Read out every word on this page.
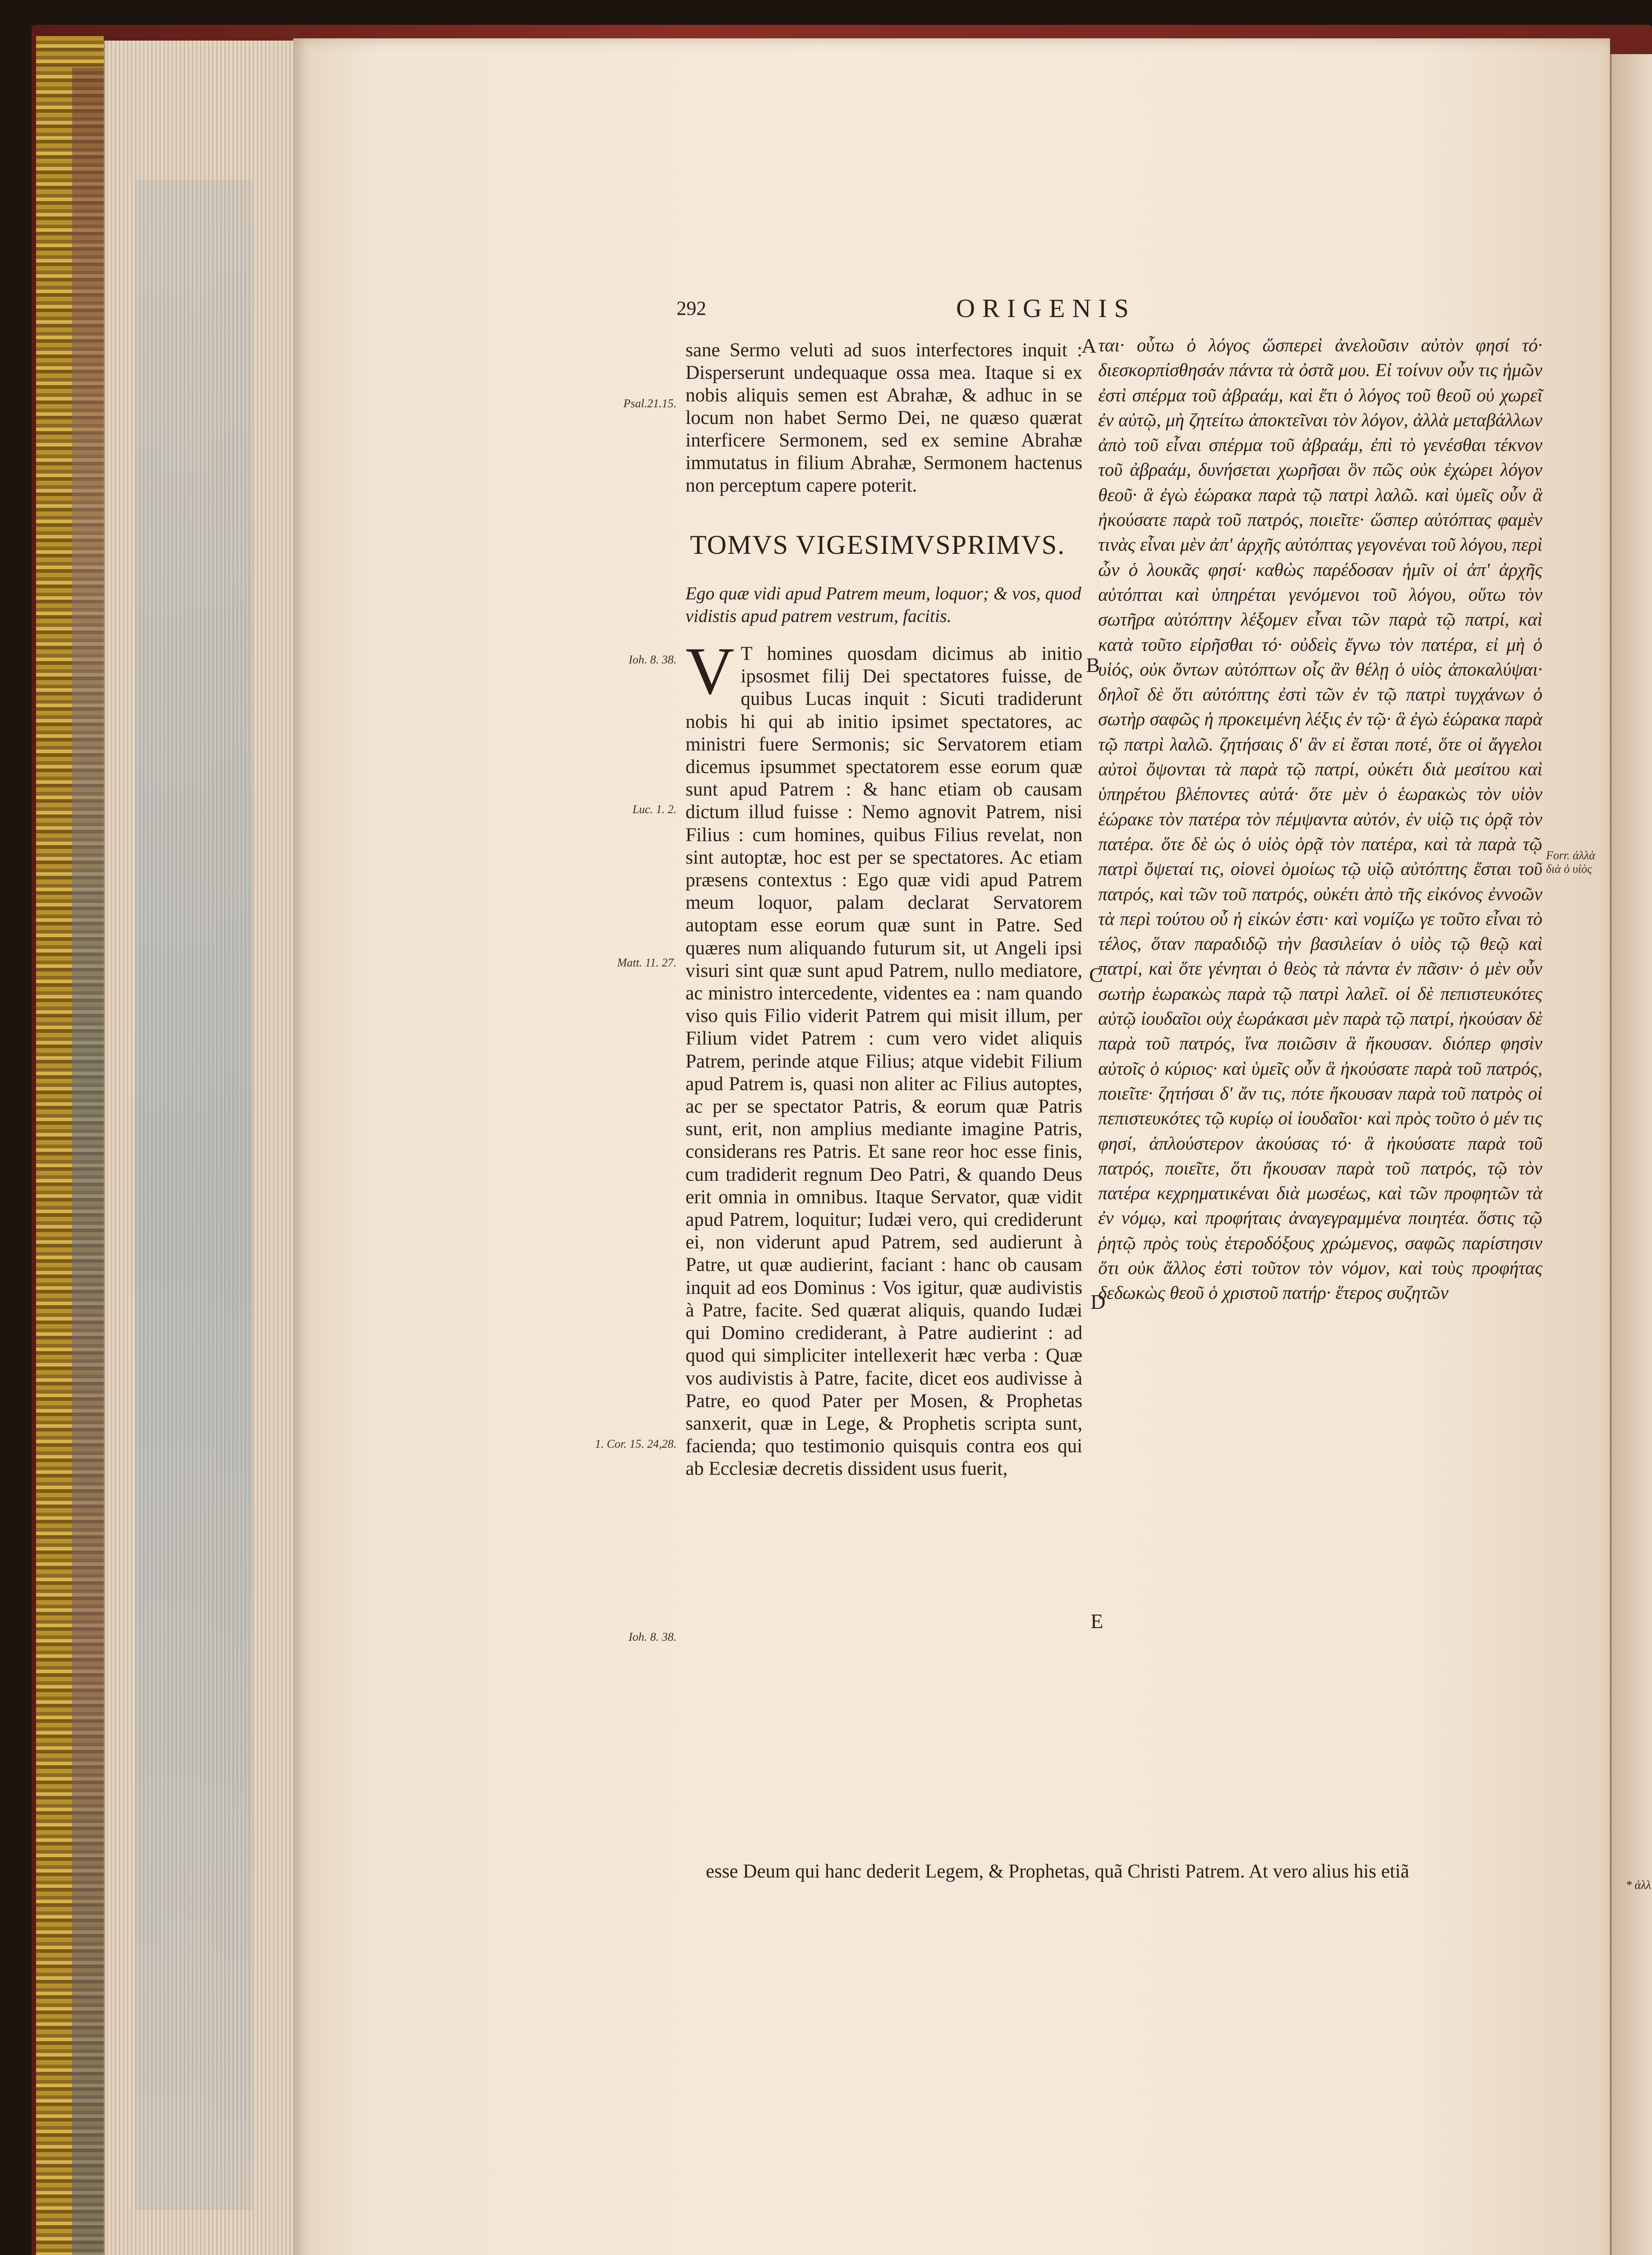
* ἀλλ
292	ORIGENIS

sane Sermo veluti ad suos interfectores inquit : Disperserunt undequaque ossa mea. Itaque si ex nobis aliquis semen est Abrahæ, & adhuc in se locum non habet Sermo Dei, ne quæso quærat interficere Sermonem, sed ex semine Abrahæ immutatus in filium Abrahæ, Sermonem hactenus non perceptum capere poterit.

TOMVS VIGESIMVSPRIMVS.

Ego quæ vidi apud Patrem meum, loquor; & vos, quod vidistis apud patrem vestrum, facitis.

V T homines quosdam dicimus ab initio ipsosmet filij Dei spectatores fuisse, de quibus Lucas inquit : Sicuti tradiderunt nobis hi qui ab initio ipsimet spectatores, ac ministri fuere Sermonis; sic Servatorem etiam dicemus ipsummet spectatorem esse eorum quæ sunt apud Patrem : & hanc etiam ob causam dictum illud fuisse : Nemo agnovit Patrem, nisi Filius : cum homines, quibus Filius revelat, non sint autoptæ, hoc est per se spectatores. Ac etiam præsens contextus : Ego quæ vidi apud Patrem meum loquor, palam declarat Servatorem autoptam esse eorum quæ sunt in Patre. Sed quæres num aliquando futurum sit, ut Angeli ipsi visuri sint quæ sunt apud Patrem, nullo mediatore, ac ministro intercedente, videntes ea : nam quando viso quis Filio viderit Patrem qui misit illum, per Filium videt Patrem : cum vero videt aliquis Patrem, perinde atque Filius; atque videbit Filium apud Patrem is, quasi non aliter ac Filius autoptes, ac per se spectator Patris, & eorum quæ Patris sunt, erit, non amplius mediante imagine Patris, considerans res Patris. Et sane reor hoc esse finis, cum tradiderit regnum Deo Patri, & quando Deus erit omnia in omnibus. Itaque Servator, quæ vidit apud Patrem, loquitur; Iudæi vero, qui crediderunt ei, non viderunt apud Patrem, sed audierunt à Patre, ut quæ audierint, faciant : hanc ob causam inquit ad eos Dominus : Vos igitur, quæ audivistis à Patre, facite. Sed quærat aliquis, quando Iudæi qui Domino crediderant, à Patre audierint : ad quod qui simpliciter intellexerit hæc verba : Quæ vos audivistis à Patre, facite, dicet eos audivisse à Patre, eo quod Pater per Mosen, & Prophetas sanxerit, quæ in Lege, & Prophetis scripta sunt, facienda; quo testimonio quisquis contra eos qui ab Ecclesiæ decretis dissident usus fuerit,

ται· οὗτω ὁ λόγος ὥσπερεὶ ἀνελοῦσιν αὐτὸν φησί τό· διεσκορπίσθησάν πάντα τὰ ὀστᾶ μου. Εἰ τοίνυν οὖν τις ἡμῶν ἐστὶ σπέρμα τοῦ ἀβραάμ, καὶ ἔτι ὁ λόγος τοῦ θεοῦ οὐ χωρεῖ ἐν αὐτῷ, μὴ ζητείτω ἀποκτεῖναι τὸν λόγον, ἀλλὰ μεταβάλλων ἀπὸ τοῦ εἶναι σπέρμα τοῦ ἀβραάμ, ἐπὶ τὸ γενέσθαι τέκνον τοῦ ἀβραάμ, δυνήσεται χωρῆσαι ὃν πῶς οὐκ ἐχώρει λόγον θεοῦ· ἃ ἐγὼ ἑώρακα παρὰ τῷ πατρὶ λαλῶ. καὶ ὑμεῖς οὖν ἃ ἠκούσατε παρὰ τοῦ πατρός, ποιεῖτε· ὥσπερ αὐτόπτας φαμὲν τινὰς εἶναι μὲν ἀπ' ἀρχῆς αὐτόπτας γεγονέναι τοῦ λόγου, περὶ ὧν ὁ λουκᾶς φησί· καθὼς παρέδοσαν ἡμῖν οἱ ἀπ' ἀρχῆς αὐτόπται καὶ ὑπηρέται γενόμενοι τοῦ λόγου, οὕτω τὸν σωτῆρα αὐτόπτην λέξομεν εἶναι τῶν παρὰ τῷ πατρί, καὶ κατὰ τοῦτο εἰρῆσθαι τό· οὐδεὶς ἔγνω τὸν πατέρα, εἰ μὴ ὁ υἱός, οὐκ ὄντων αὐτόπτων οἷς ἂν θέλῃ ὁ υἱὸς ἀποκαλύψαι· δηλοῖ δὲ ὅτι αὐτόπτης ἐστὶ τῶν ἐν τῷ πατρὶ τυγχάνων ὁ σωτὴρ σαφῶς ἡ προκειμένη λέξις ἐν τῷ· ἃ ἐγὼ ἑώρακα παρὰ τῷ πατρὶ λαλῶ. ζητήσαις δ' ἂν εἰ ἔσται ποτέ, ὅτε οἱ ἄγγελοι αὐτοὶ ὄψονται τὰ παρὰ τῷ πατρί, οὐκέτι διὰ μεσίτου καὶ ὑπηρέτου βλέποντες αὐτά· ὅτε μὲν ὁ ἑωρακὼς τὸν υἱὸν ἑώρακε τὸν πατέρα τὸν πέμψαντα αὐτόν, ἐν υἱῷ τις ὁρᾷ τὸν πατέρα. ὅτε δὲ ὡς ὁ υἱὸς ὁρᾷ τὸν πατέρα, καὶ τὰ παρὰ τῷ πατρὶ ὄψεταί τις, οἱονεὶ ὁμοίως τῷ υἱῷ αὐτόπτης ἔσται τοῦ πατρός, καὶ τῶν τοῦ πατρός, οὐκέτι ἀπὸ τῆς εἰκόνος ἐννοῶν τὰ περὶ τούτου οὗ ἡ εἰκών ἐστι· καὶ νομίζω γε τοῦτο εἶναι τὸ τέλος, ὅταν παραδιδῷ τὴν βασιλείαν ὁ υἱὸς τῷ θεῷ καὶ πατρί, καὶ ὅτε γένηται ὁ θεὸς τὰ πάντα ἐν πᾶσιν· ὁ μὲν οὖν σωτὴρ ἑωρακὼς παρὰ τῷ πατρὶ λαλεῖ. οἱ δὲ πεπιστευκότες αὐτῷ ἰουδαῖοι οὐχ ἑωράκασι μὲν παρὰ τῷ πατρί, ἠκούσαν δὲ παρὰ τοῦ πατρός, ἵνα ποιῶσιν ἃ ἤκουσαν. διόπερ φησὶν αὐτοῖς ὁ κύριος· καὶ ὑμεῖς οὖν ἃ ἠκούσατε παρὰ τοῦ πατρός, ποιεῖτε· ζητήσαι δ' ἄν τις, πότε ἤκουσαν παρὰ τοῦ πατρὸς οἱ πεπιστευκότες τῷ κυρίῳ οἱ ἰουδαῖοι· καὶ πρὸς τοῦτο ὁ μέν τις φησί, ἁπλούστερον ἀκούσας τό· ἃ ἠκούσατε παρὰ τοῦ πατρός, ποιεῖτε, ὅτι ἤκουσαν παρὰ τοῦ πατρός, τῷ τὸν πατέρα κεχρηματικέναι διὰ μωσέως, καὶ τῶν προφητῶν τὰ ἐν νόμῳ, καὶ προφήταις ἀναγεγραμμένα ποιητέα. ὅστις τῷ ῥητῷ πρὸς τοὺς ἑτεροδόξους χρώμενος, σαφῶς παρίστησιν ὅτι οὐκ ἄλλος ἐστὶ τοῦτον τὸν νόμον, καὶ τοὺς προφήτας δεδωκὼς θεοῦ ὁ χριστοῦ πατήρ· ἕτερος συζητῶν

A
B
C
D
E
Psal.21.15.
Ioh. 8. 38.
Luc. 1. 2.
Matt. 11. 27.
1. Cor. 15. 24,28.
Ioh. 8. 38.
Forr. ἀλλὰ
διὰ ὁ υἱὸς
esse Deum qui hanc dederit Legem, & Prophetas, quã Christi Patrem. At vero alius his etiã
